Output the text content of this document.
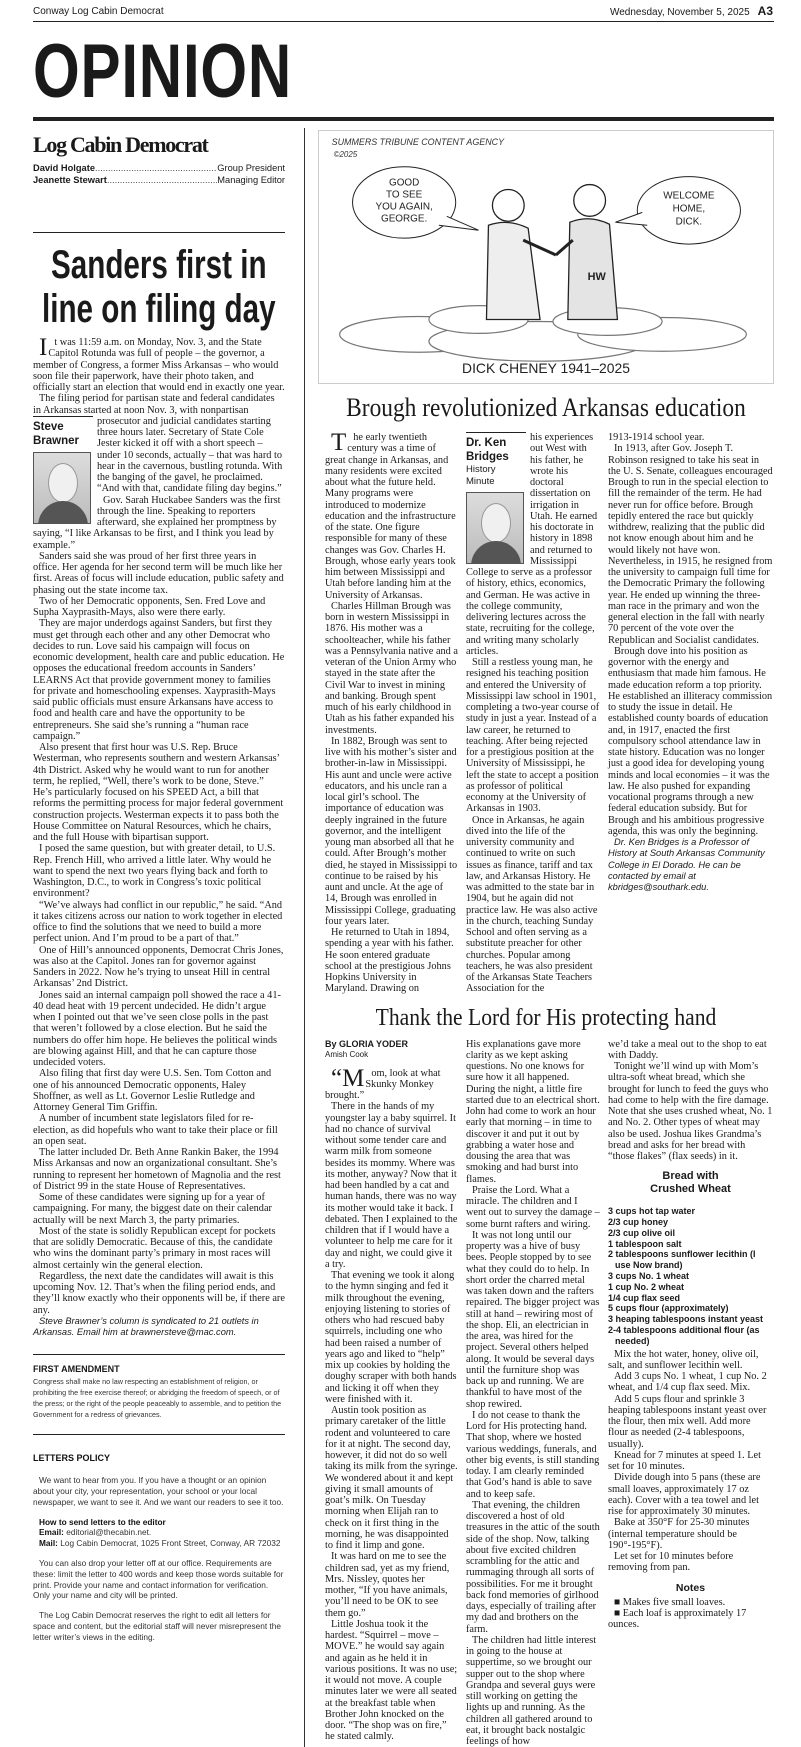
Conway Log Cabin Democrat	Wednesday, November 5, 2025 A3
OPINION
Log Cabin Democrat
David Holgate .....	Group President
Jeanette Stewart .....	Managing Editor
Sanders first in line on filing day

It was 11:59 a.m. on Monday, Nov. 3, and the State Capitol Rotunda was full of people – the governor, a member of Congress, a former Miss Arkansas – who would soon file their paperwork, have their photo taken, and officially start an election that would end in exactly one year.

Steve
Brawner

The filing period for partisan state and federal candidates in Arkansas started at noon Nov. 3, with nonpartisan prosecutor and judicial candidates starting three hours later. Secretary of State Cole Jester kicked it off with a short speech – under 10 seconds, actually – that was hard to hear in the cavernous, bustling rotunda. With the banging of the gavel, he proclaimed. “And with that, candidate filing day begins.”

Gov. Sarah Huckabee Sanders was the first through the line. Speaking to reporters afterward, she explained her promptness by saying, “I like Arkansas to be first, and I think you lead by example.”

Sanders said she was proud of her first three years in office. Her agenda for her second term will be much like her first. Areas of focus will include education, public safety and phasing out the state income tax.

Two of her Democratic opponents, Sen. Fred Love and Supha Xayprasith-Mays, also were there early.

They are major underdogs against Sanders, but first they must get through each other and any other Democrat who decides to run. Love said his campaign will focus on economic development, health care and public education. He opposes the educational freedom accounts in Sanders’ LEARNS Act that provide government money to families for private and homeschooling expenses. Xayprasith-Mays said public officials must ensure Arkansans have access to food and health care and have the opportunity to be entrepreneurs. She said she’s running a “human race campaign.”

Also present that first hour was U.S. Rep. Bruce Westerman, who represents southern and western Arkansas’ 4th District. Asked why he would want to run for another term, he replied, “Well, there’s work to be done, Steve.” He’s particularly focused on his SPEED Act, a bill that reforms the permitting process for major federal government construction projects. Westerman expects it to pass both the House Committee on Natural Resources, which he chairs, and the full House with bipartisan support.

I posed the same question, but with greater detail, to U.S. Rep. French Hill, who arrived a little later. Why would he want to spend the next two years flying back and forth to Washington, D.C., to work in Congress’s toxic political environment?

“We’ve always had conflict in our republic,” he said. “And it takes citizens across our nation to work together in elected office to find the solutions that we need to build a more perfect union. And I’m proud to be a part of that.”

One of Hill’s announced opponents, Democrat Chris Jones, was also at the Capitol. Jones ran for governor against Sanders in 2022. Now he’s trying to unseat Hill in central Arkansas’ 2nd District.

Jones said an internal campaign poll showed the race a 41-40 dead heat with 19 percent undecided. He didn’t argue when I pointed out that we’ve seen close polls in the past that weren’t followed by a close election. But he said the numbers do offer him hope. He believes the political winds are blowing against Hill, and that he can capture those undecided voters.

Also filing that first day were U.S. Sen. Tom Cotton and one of his announced Democratic opponents, Haley Shoffner, as well as Lt. Governor Leslie Rutledge and Attorney General Tim Griffin.

A number of incumbent state legislators filed for re-election, as did hopefuls who want to take their place or fill an open seat.

The latter included Dr. Beth Anne Rankin Baker, the 1994 Miss Arkansas and now an organizational consultant. She’s running to represent her hometown of Magnolia and the rest of District 99 in the state House of Representatives.

Some of these candidates were signing up for a year of campaigning. For many, the biggest date on their calendar actually will be next March 3, the party primaries.

Most of the state is solidly Republican except for pockets that are solidly Democratic. Because of this, the candidate who wins the dominant party’s primary in most races will almost certainly win the general election.

Regardless, the next date the candidates will await is this upcoming Nov. 12. That’s when the filing period ends, and they’ll know exactly who their opponents will be, if there are any.

Steve Brawner’s column is syndicated to 21 outlets in Arkansas. Email him at brawnersteve@mac.com.

FIRST AMENDMENT
Congress shall make no law respecting an establishment of religion, or prohibiting the free exercise thereof; or abridging the freedom of speech, or of the press; or the right of the people peaceably to assemble, and to petition the Government for a redress of grievances.
LETTERS POLICY

We want to hear from you. If you have a thought or an opinion about your city, your representation, your school or your local newspaper, we want to see it. And we want our readers to see it too.

How to send letters to the editor
Email: editorial@thecabin.net.
Mail: Log Cabin Democrat, 1025 Front Street, Conway, AR 72032

You can also drop your letter off at our office. Requirements are these: limit the letter to 400 words and keep those words suitable for print. Provide your name and contact information for verification. Only your name and city will be printed.

The Log Cabin Democrat reserves the right to edit all letters for space and content, but the editorial staff will never misrepresent the letter writer’s views in the editing.

SUMMERS TRIBUNE CONTENT AGENCY
©2025
HW
GOOD TO SEE YOU AGAIN, GEORGE.
WELCOME HOME, DICK.
DICK CHENEY 1941–2025
Brough revolutionized Arkansas education

The early twentieth century was a time of great change in Arkansas, and many residents were excited about what the future held. Many programs were introduced to modernize education and the infrastructure of the state. One figure responsible for many of these changes was Gov. Charles H. Brough, whose early years took him between Mississippi and Utah before landing him at the University of Arkansas.

Charles Hillman Brough was born in western Mississippi in 1876. His mother was a schoolteacher, while his father was a Pennsylvania native and a veteran of the Union Army who stayed in the state after the Civil War to invest in mining and banking. Brough spent much of his early childhood in Utah as his father expanded his investments.

In 1882, Brough was sent to live with his mother’s sister and brother-in-law in Mississippi. His aunt and uncle were active educators, and his uncle ran a local girl’s school. The importance of education was deeply ingrained in the future governor, and the intelligent young man absorbed all that he could. After Brough’s mother died, he stayed in Mississippi to continue to be raised by his aunt and uncle. At the age of 14, Brough was enrolled in Mississippi College, graduating four years later.

He returned to Utah in 1894, spending a year with his father. He soon entered graduate school at the prestigious Johns Hopkins University in Maryland. Drawing on

Dr. Ken Bridges
History Minute

his experiences out West with his father, he wrote his doctoral dissertation on irrigation in Utah. He earned his doctorate in history in 1898 and returned to Mississippi College to serve as a professor of history, ethics, economics, and German. He was active in the college community, delivering lectures across the state, recruiting for the college, and writing many scholarly articles.

Still a restless young man, he resigned his teaching position and entered the University of Mississippi law school in 1901, completing a two-year course of study in just a year. Instead of a law career, he returned to teaching. After being rejected for a prestigious position at the University of Mississippi, he left the state to accept a position as professor of political economy at the University of Arkansas in 1903.

Once in Arkansas, he again dived into the life of the university community and continued to write on such issues as finance, tariff and tax law, and Arkansas History. He was admitted to the state bar in 1904, but he again did not practice law. He was also active in the church, teaching Sunday School and often serving as a substitute preacher for other churches. Popular among teachers, he was also president of the Arkansas State Teachers Association for the

1913-1914 school year.

In 1913, after Gov. Joseph T. Robinson resigned to take his seat in the U. S. Senate, colleagues encouraged Brough to run in the special election to fill the remainder of the term. He had never run for office before. Brough tepidly entered the race but quickly withdrew, realizing that the public did not know enough about him and he would likely not have won. Nevertheless, in 1915, he resigned from the university to campaign full time for the Democratic Primary the following year. He ended up winning the three-man race in the primary and won the general election in the fall with nearly 70 percent of the vote over the Republican and Socialist candidates.

Brough dove into his position as governor with the energy and enthusiasm that made him famous. He made education reform a top priority. He established an illiteracy commission to study the issue in detail. He established county boards of education and, in 1917, enacted the first compulsory school attendance law in state history. Education was no longer just a good idea for developing young minds and local economies – it was the law. He also pushed for expanding vocational programs through a new federal education subsidy. But for Brough and his ambitious progressive agenda, this was only the beginning.

Dr. Ken Bridges is a Professor of History at South Arkansas Community College in El Dorado. He can be contacted by email at kbridges@southark.edu.

Thank the Lord for His protecting hand
By GLORIA YODER
Amish Cook

“Mom, look at what Skunky Monkey brought.”

There in the hands of my youngster lay a baby squirrel. It had no chance of survival without some tender care and warm milk from someone besides its mommy. Where was its mother, anyway? Now that it had been handled by a cat and human hands, there was no way its mother would take it back. I debated. Then I explained to the children that if I would have a volunteer to help me care for it day and night, we could give it a try.

That evening we took it along to the hymn singing and fed it milk throughout the evening, enjoying listening to stories of others who had rescued baby squirrels, including one who had been raised a number of years ago and liked to “help” mix up cookies by holding the doughy scraper with both hands and licking it off when they were finished with it.

Austin took position as primary caretaker of the little rodent and volunteered to care for it at night. The second day, however, it did not do so well taking its milk from the syringe. We wondered about it and kept giving it small amounts of goat’s milk. On Tuesday morning when Elijah ran to check on it first thing in the morning, he was disappointed to find it limp and gone.

It was hard on me to see the children sad, yet as my friend, Mrs. Nissley, quotes her mother, “If you have animals, you’ll need to be OK to see them go.”

Little Joshua took it the hardest. “Squirrel – move – MOVE.” he would say again and again as he held it in various positions. It was no use; it would not move. A couple minutes later we were all seated at the breakfast table when Brother John knocked on the door. “The shop was on fire,” he stated calmly.

His explanations gave more clarity as we kept asking questions. No one knows for sure how it all happened. During the night, a little fire started due to an electrical short. John had come to work an hour early that morning – in time to discover it and put it out by grabbing a water hose and dousing the area that was smoking and had burst into flames.

Praise the Lord. What a miracle. The children and I went out to survey the damage – some burnt rafters and wiring.

It was not long until our property was a hive of busy bees. People stopped by to see what they could do to help. In short order the charred metal was taken down and the rafters repaired. The bigger project was still at hand – rewiring most of the shop. Eli, an electrician in the area, was hired for the project. Several others helped along. It would be several days until the furniture shop was back up and running. We are thankful to have most of the shop rewired.

I do not cease to thank the Lord for His protecting hand. That shop, where we hosted various weddings, funerals, and other big events, is still standing today. I am clearly reminded that God’s hand is able to save and to keep safe.

That evening, the children discovered a host of old treasures in the attic of the south side of the shop. Now, talking about five excited children scrambling for the attic and rummaging through all sorts of possibilities. For me it brought back fond memories of girlhood days, especially of trailing after my dad and brothers on the farm.

The children had little interest in going to the house at suppertime, so we brought our supper out to the shop where Grandpa and several guys were still working on getting the lights up and running. As the children all gathered around to eat, it brought back nostalgic feelings of how

we’d take a meal out to the shop to eat with Daddy.

Tonight we’ll wind up with Mom’s ultra-soft wheat bread, which she brought for lunch to feed the guys who had come to help with the fire damage. Note that she uses crushed wheat, No. 1 and No. 2. Other types of wheat may also be used. Joshua likes Grandma’s bread and asks for her bread with “those flakes” (flax seeds) in it.

Bread with
Crushed Wheat
3 cups hot tap water
2/3 cup honey
2/3 cup olive oil
1 tablespoon salt
2 tablespoons sunflower lecithin (I use Now brand)
3 cups No. 1 wheat
1 cup No. 2 wheat
1/4 cup flax seed
5 cups flour (approximately)
3 heaping tablespoons instant yeast
2-4 tablespoons additional flour (as needed)

Mix the hot water, honey, olive oil, salt, and sunflower lecithin well.

Add 3 cups No. 1 wheat, 1 cup No. 2 wheat, and 1/4 cup flax seed. Mix.

Add 5 cups flour and sprinkle 3 heaping tablespoons instant yeast over the flour, then mix well. Add more flour as needed (2-4 tablespoons, usually).

Knead for 7 minutes at speed 1. Let set for 10 minutes.

Divide dough into 5 pans (these are small loaves, approximately 17 oz each). Cover with a tea towel and let rise for approximately 30 minutes.

Bake at 350°F for 25-30 minutes (internal temperature should be 190°-195°F).

Let set for 10 minutes before removing from pan.

Notes
■ Makes five small loaves.
■ Each loaf is approximately 17 ounces.
